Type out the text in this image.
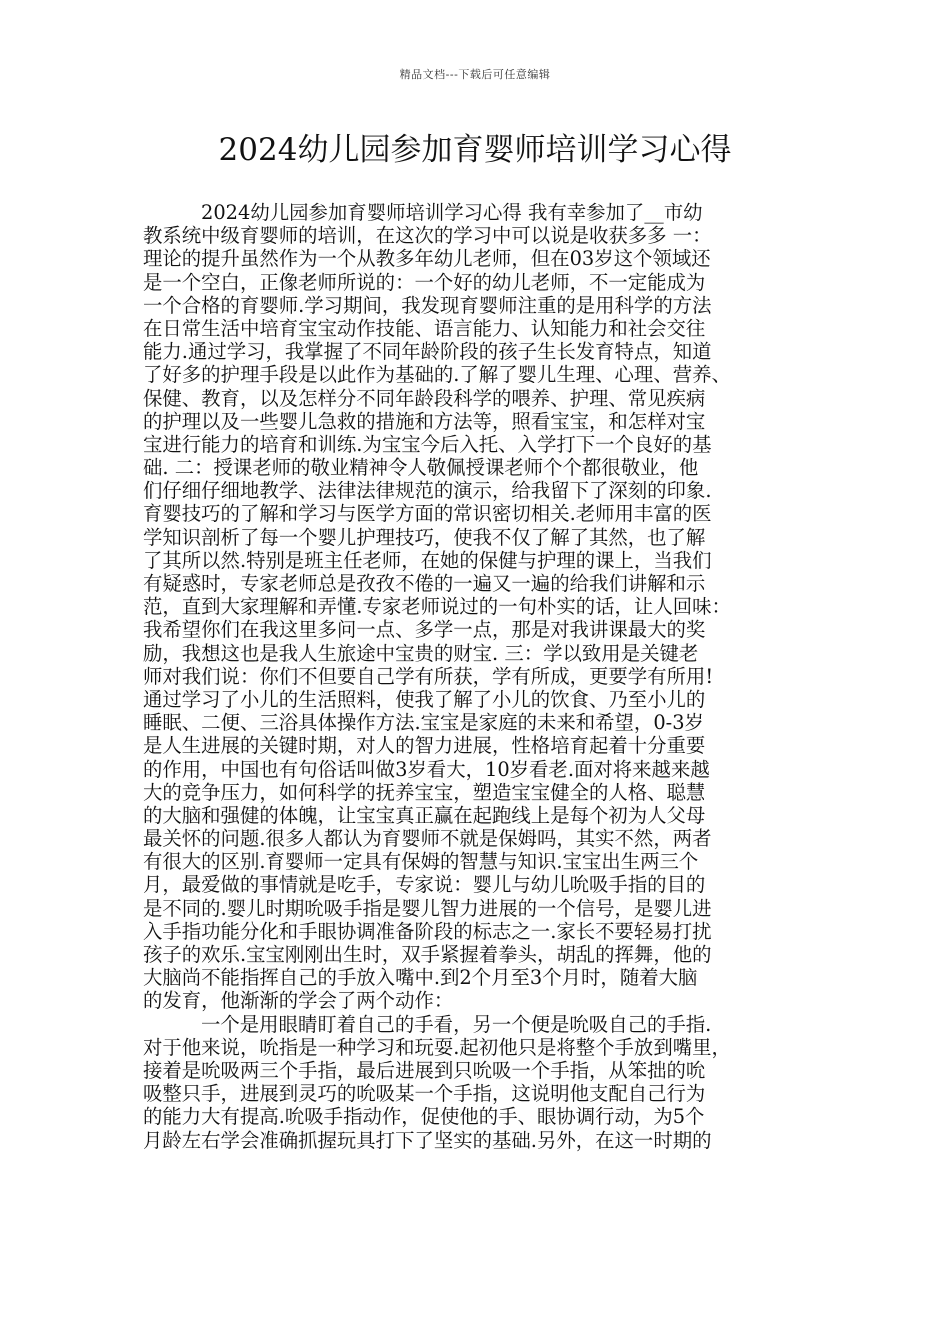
精品文档---下载后可任意编辑
2024幼儿园参加育婴师培训学习心得
2024幼儿园参加育婴师培训学习心得 我有幸参加了__市幼
教系统中级育婴师的培训，在这次的学习中可以说是收获多多 一：
理论的提升虽然作为一个从教多年幼儿老师，但在03岁这个领域还
是一个空白，正像老师所说的：一个好的幼儿老师，不一定能成为
一个合格的育婴师.学习期间，我发现育婴师注重的是用科学的方法
在日常生活中培育宝宝动作技能、语言能力、认知能力和社会交往
能力.通过学习，我掌握了不同年龄阶段的孩子生长发育特点，知道
了好多的护理手段是以此作为基础的.了解了婴儿生理、心理、营养、
保健、教育，以及怎样分不同年龄段科学的喂养、护理、常见疾病
的护理以及一些婴儿急救的措施和方法等，照看宝宝，和怎样对宝
宝进行能力的培育和训练.为宝宝今后入托、入学打下一个良好的基
础. 二：授课老师的敬业精神令人敬佩授课老师个个都很敬业，他
们仔细仔细地教学、法律法律规范的演示，给我留下了深刻的印象.
育婴技巧的了解和学习与医学方面的常识密切相关.老师用丰富的医
学知识剖析了每一个婴儿护理技巧，使我不仅了解了其然，也了解
了其所以然.特别是班主任老师，在她的保健与护理的课上，当我们
有疑惑时，专家老师总是孜孜不倦的一遍又一遍的给我们讲解和示
范，直到大家理解和弄懂.专家老师说过的一句朴实的话，让人回味：
我希望你们在我这里多问一点、多学一点，那是对我讲课最大的奖
励，我想这也是我人生旅途中宝贵的财宝. 三：学以致用是关键老
师对我们说：你们不但要自己学有所获，学有所成，更要学有所用!
通过学习了小儿的生活照料，使我了解了小儿的饮食、乃至小儿的
睡眠、二便、三浴具体操作方法.宝宝是家庭的未来和希望，0-3岁
是人生进展的关键时期，对人的智力进展，性格培育起着十分重要
的作用，中国也有句俗话叫做3岁看大，10岁看老.面对将来越来越
大的竞争压力，如何科学的抚养宝宝，塑造宝宝健全的人格、聪慧
的大脑和强健的体魄，让宝宝真正赢在起跑线上是每个初为人父母
最关怀的问题.很多人都认为育婴师不就是保姆吗，其实不然，两者
有很大的区别.育婴师一定具有保姆的智慧与知识.宝宝出生两三个
月，最爱做的事情就是吃手，专家说：婴儿与幼儿吮吸手指的目的
是不同的.婴儿时期吮吸手指是婴儿智力进展的一个信号，是婴儿进
入手指功能分化和手眼协调准备阶段的标志之一.家长不要轻易打扰
孩子的欢乐.宝宝刚刚出生时，双手紧握着拳头，胡乱的挥舞，他的
大脑尚不能指挥自己的手放入嘴中.到2个月至3个月时，随着大脑
的发育，他渐渐的学会了两个动作：
一个是用眼睛盯着自己的手看，另一个便是吮吸自己的手指.
对于他来说，吮指是一种学习和玩耍.起初他只是将整个手放到嘴里，
接着是吮吸两三个手指，最后进展到只吮吸一个手指，从笨拙的吮
吸整只手，进展到灵巧的吮吸某一个手指，这说明他支配自己行为
的能力大有提高.吮吸手指动作，促使他的手、眼协调行动，为5个
月龄左右学会准确抓握玩具打下了坚实的基础.另外，在这一时期的
